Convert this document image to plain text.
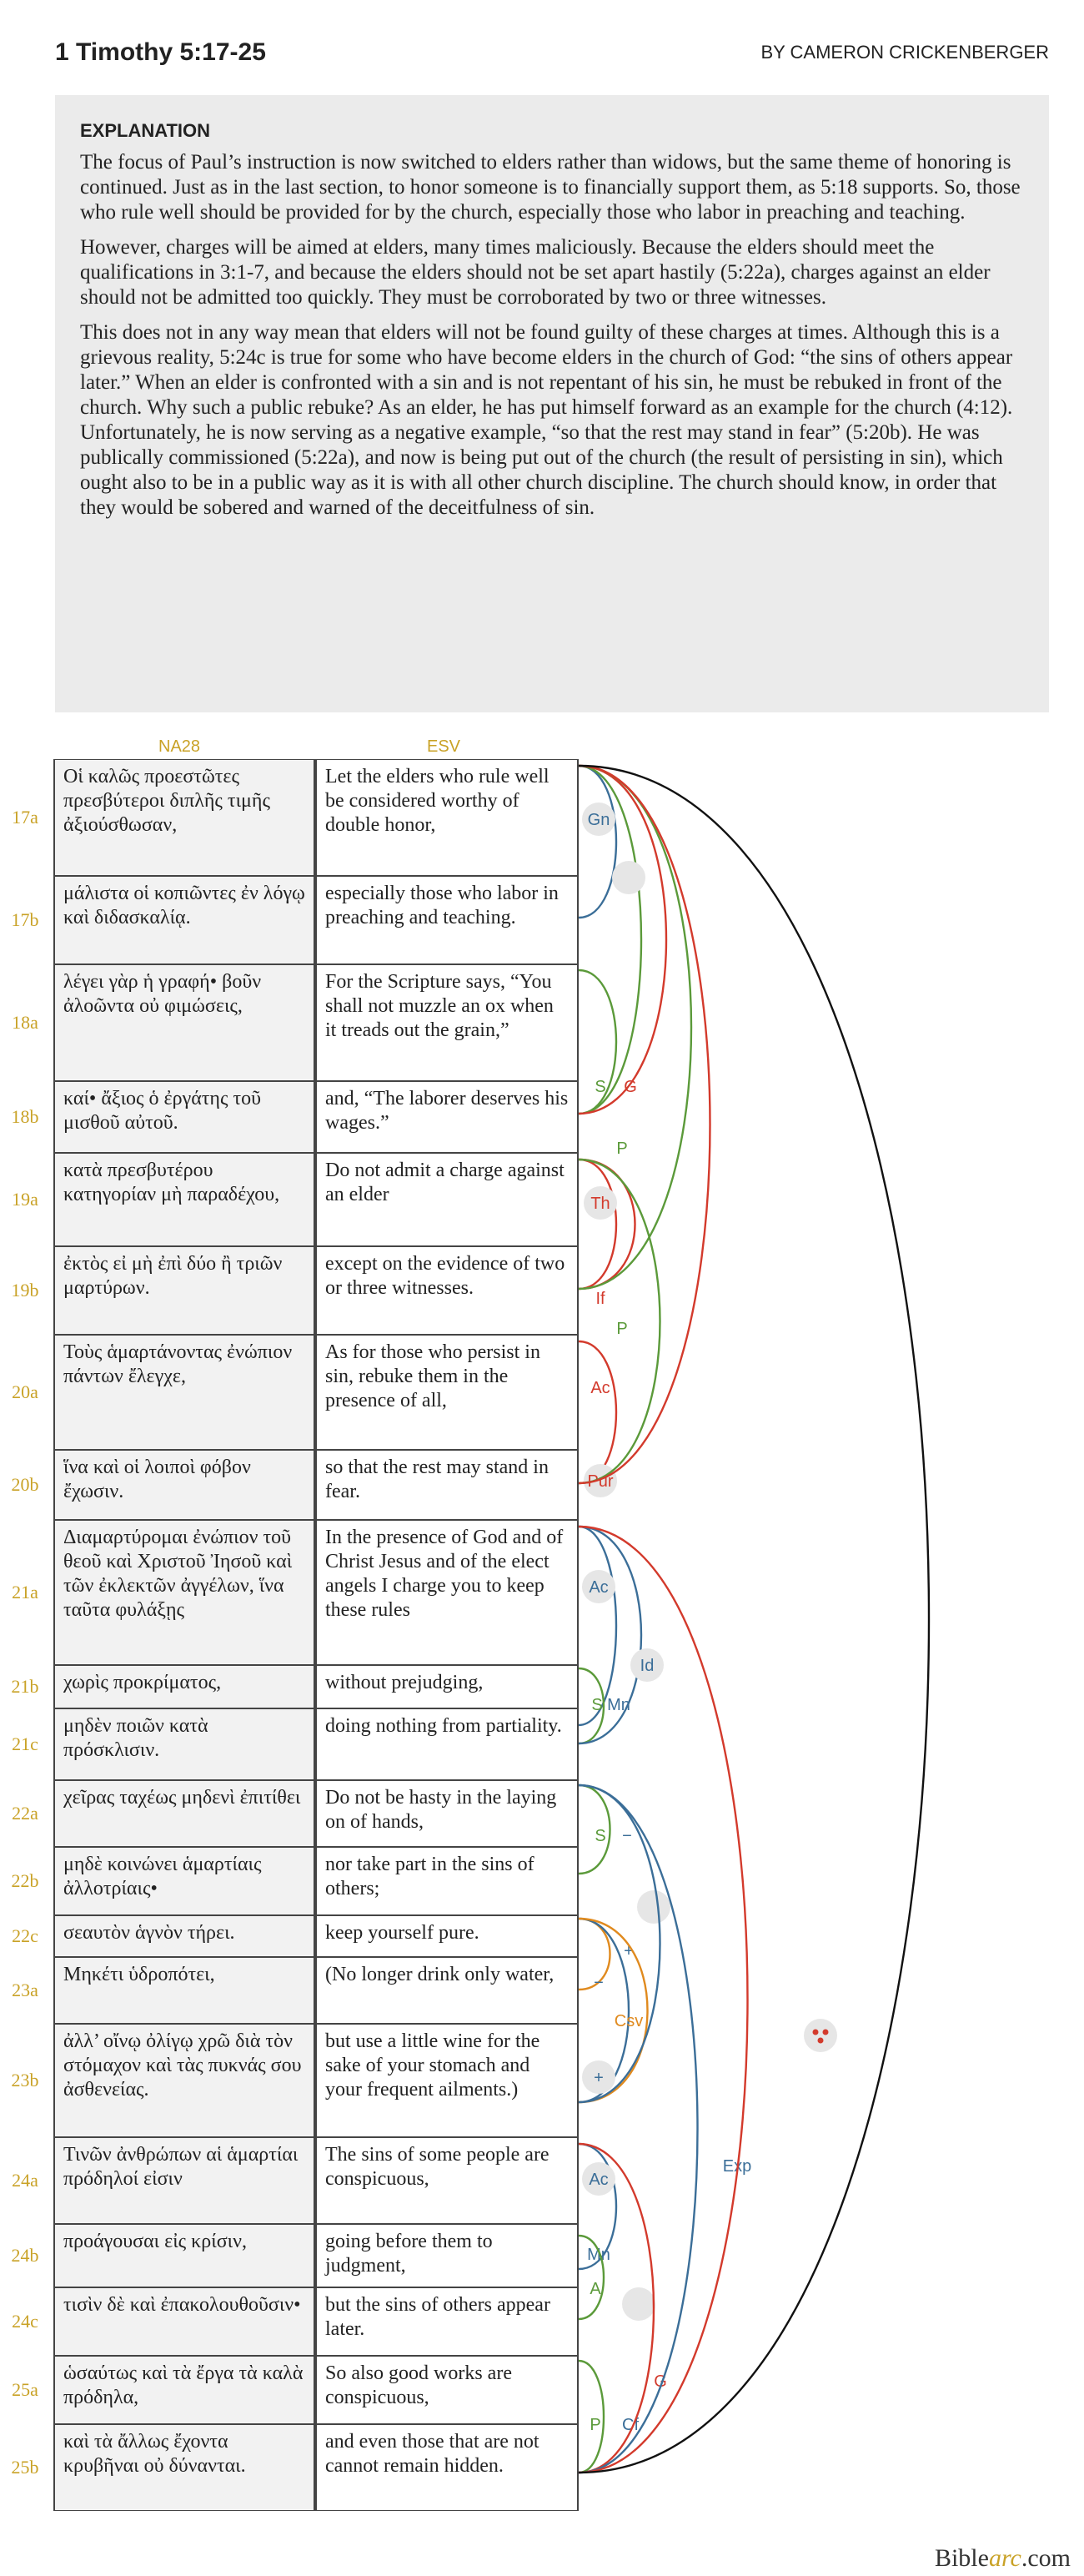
1 Timothy 5:17-25	BY CAMERON CRICKENBERGER
EXPLANATION

The focus of Paul’s instruction is now switched to elders rather than widows, but the same theme of honoring is continued. Just as in the last section, to honor someone is to financially support them, as 5:18 supports. So, those who rule well should be provided for by the church, especially those who labor in preaching and teaching.

However, charges will be aimed at elders, many times maliciously. Because the elders should meet the qualifications in 3:1-7, and because the elders should not be set apart hastily (5:22a), charges against an elder should not be admitted too quickly. They must be corroborated by two or three witnesses.

This does not in any way mean that elders will not be found guilty of these charges at times. Although this is a grievous reality, 5:24c is true for some who have become elders in the church of God: “the sins of others appear later.” When an elder is confronted with a sin and is not repentant of his sin, he must be rebuked in front of the church. Why such a public rebuke? As an elder, he has put himself forward as an example for the church (4:12). Unfortunately, he is now serving as a negative example, “so that the rest may stand in fear” (5:20b). He was publically commissioned (5:22a), and now is being put out of the church (the result of persisting in sin), which ought also to be in a public way as it is with all other church discipline. The church should know, in order that they would be sobered and warned of the deceitfulness of sin.

NA28	ESV
17a
Οἱ καλῶς προεστῶτες πρεσβύτεροι διπλῆς τιμῆς ἀξιούσθωσαν,
Let the elders who rule well be considered worthy of double honor,
17b
μάλιστα οἱ κοπιῶντες ἐν λόγῳ καὶ διδασκαλίᾳ.
especially those who labor in preaching and teaching.
18a
λέγει γὰρ ἡ γραφή• βοῦν ἀλοῶντα οὐ φιμώσεις,
For the Scripture says, “You shall not muzzle an ox when it treads out the grain,”
18b
καί• ἄξιος ὁ ἐργάτης τοῦ μισθοῦ αὐτοῦ.
and, “The laborer deserves his wages.”
19a
κατὰ πρεσβυτέρου κατηγορίαν μὴ παραδέχου,
Do not admit a charge against an elder
19b
ἐκτὸς εἰ μὴ ἐπὶ δύο ἢ τριῶν μαρτύρων.
except on the evidence of two or three witnesses.
20a
Τοὺς ἁμαρτάνοντας ἐνώπιον πάντων ἔλεγχε,
As for those who persist in sin, rebuke them in the presence of all,
20b
ἵνα καὶ οἱ λοιποὶ φόβον ἔχωσιν.
so that the rest may stand in fear.
21a
Διαμαρτύρομαι ἐνώπιον τοῦ θεοῦ καὶ Χριστοῦ Ἰησοῦ καὶ τῶν ἐκλεκτῶν ἀγγέλων, ἵνα ταῦτα φυλάξῃς
In the presence of God and of Christ Jesus and of the elect angels I charge you to keep these rules
21b	χωρὶς προκρίματος,	without prejudging,
21c
μηδὲν ποιῶν κατὰ πρόσκλισιν.
doing nothing from partiality.
22a
χεῖρας ταχέως μηδενὶ ἐπιτίθει	Do not be hasty in the laying on of hands,
22b
μηδὲ κοινώνει ἁμαρτίαις ἀλλοτρίαις•
nor take part in the sins of others;
22c	σεαυτὸν ἁγνὸν τήρει.	keep yourself pure.
23a
Μηκέτι ὑδροπότει,	(No longer drink only water,
23b
ἀλλ’ οἴνῳ ὀλίγῳ χρῶ διὰ τὸν στόμαχον καὶ τὰς πυκνάς σου ἀσθενείας.
but use a little wine for the sake of your stomach and your frequent ailments.)
24a
Τινῶν ἀνθρώπων αἱ ἁμαρτίαι πρόδηλοί εἰσιν
The sins of some people are conspicuous,
24b
προάγουσαι εἰς κρίσιν,	going before them to judgment,
24c
τισὶν δὲ καὶ ἐπακολουθοῦσιν•	but the sins of others appear later.
25a
ὡσαύτως καὶ τὰ ἔργα τὰ καλὰ πρόδηλα,
So also good works are conspicuous,
25b
καὶ τὰ ἄλλως ἔχοντα κρυβῆναι οὐ δύνανται.
and even those that are not cannot remain hidden.
Gn
S G
Th
If
P
Ac
Pur
P
Ac
S Mn
Id
S −
+
−
Csv
+
Ac
Mn
A
P Cf
G
Exp
Biblearc.com
